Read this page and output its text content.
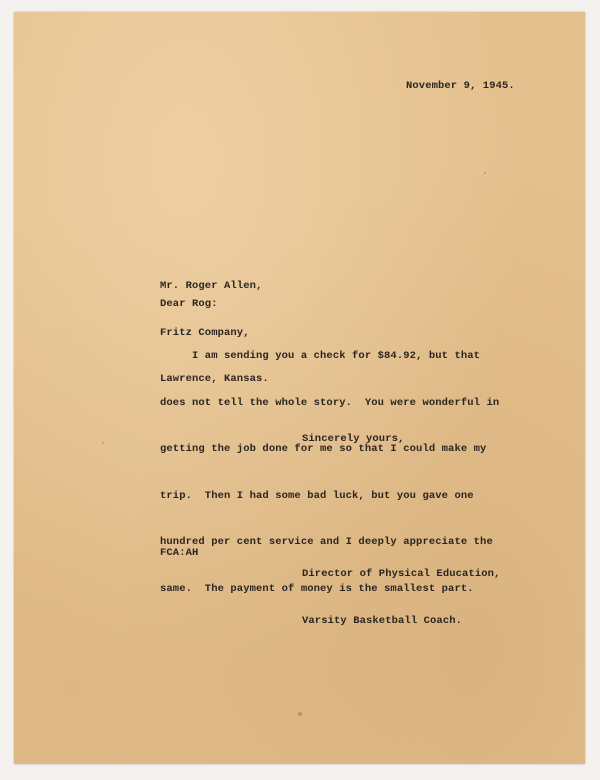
November 9, 1945.

Mr. Roger Allen,

Fritz Company,

Lawrence, Kansas.

Dear Rog:

I am sending you a check for $84.92, but that

does not tell the whole story.  You were wonderful in

getting the job done for me so that I could make my

trip.  Then I had some bad luck, but you gave one

hundred per cent service and I deeply appreciate the

same.  The payment of money is the smallest part.

Sincerely yours,

Director of Physical Education,

Varsity Basketball Coach.

FCA:AH
